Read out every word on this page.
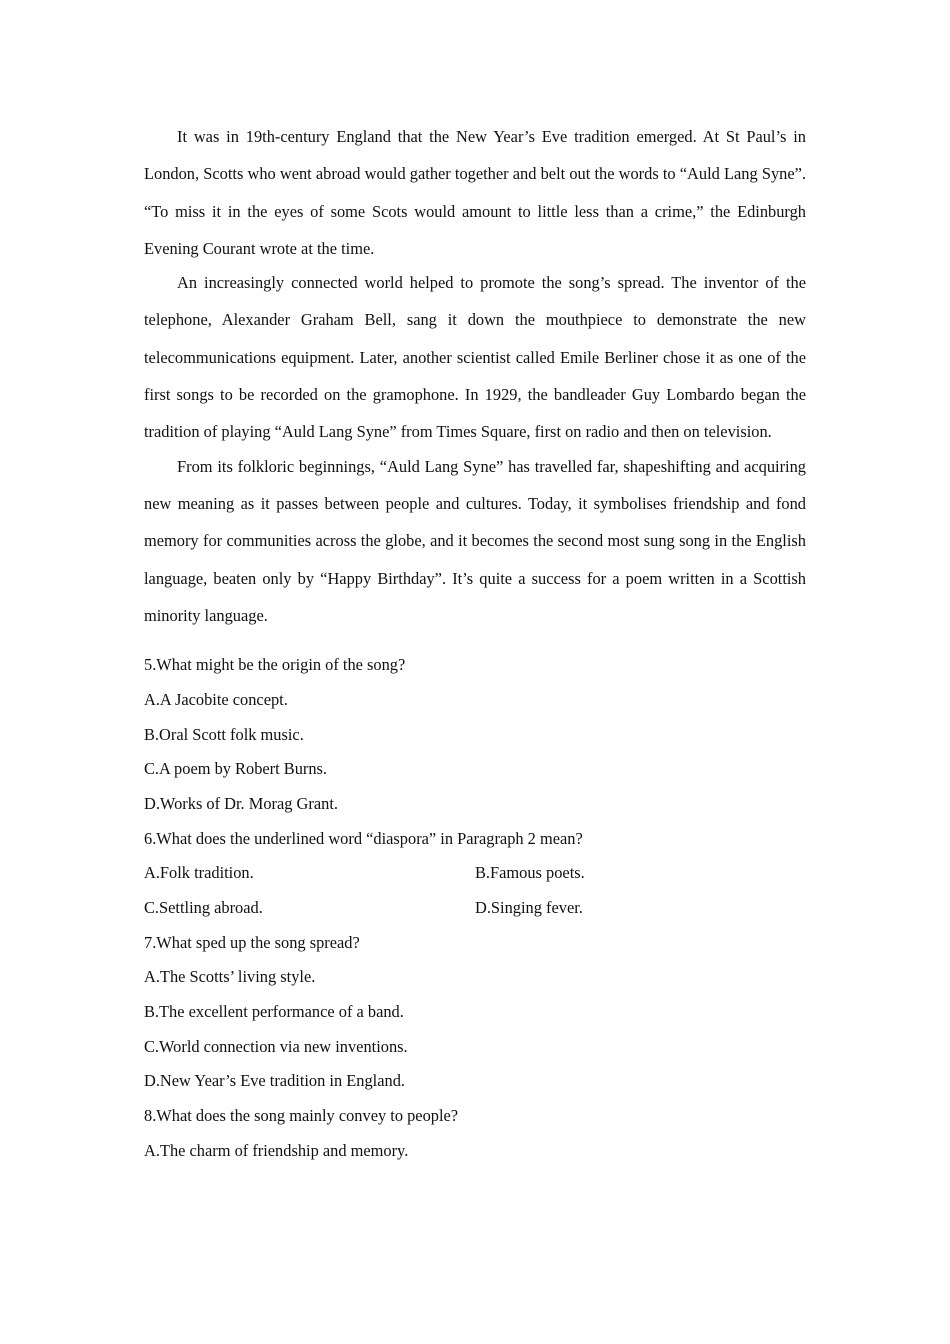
It was in 19th-century England that the New Year’s Eve tradition emerged. At St Paul’s in London, Scotts who went abroad would gather together and belt out the words to “Auld Lang Syne”. “To miss it in the eyes of some Scots would amount to little less than a crime,” the Edinburgh Evening Courant wrote at the time.

An increasingly connected world helped to promote the song’s spread. The inventor of the telephone, Alexander Graham Bell, sang it down the mouthpiece to demonstrate the new telecommunications equipment. Later, another scientist called Emile Berliner chose it as one of the first songs to be recorded on the gramophone. In 1929, the bandleader Guy Lombardo began the tradition of playing “Auld Lang Syne” from Times Square, first on radio and then on television.

From its folkloric beginnings, “Auld Lang Syne” has travelled far, shapeshifting and acquiring new meaning as it passes between people and cultures. Today, it symbolises friendship and fond memory for communities across the globe, and it becomes the second most sung song in the English language, beaten only by “Happy Birthday”. It’s quite a success for a poem written in a Scottish minority language.

5.What might be the origin of the song?
A.A Jacobite concept.
B.Oral Scott folk music.
C.A poem by Robert Burns.
D.Works of Dr. Morag Grant.
6.What does the underlined word “diaspora” in Paragraph 2 mean?
A.Folk tradition.	B.Famous poets.
C.Settling abroad.	D.Singing fever.
7.What sped up the song spread?
A.The Scotts’ living style.
B.The excellent performance of a band.
C.World connection via new inventions.
D.New Year’s Eve tradition in England.
8.What does the song mainly convey to people?
A.The charm of friendship and memory.
